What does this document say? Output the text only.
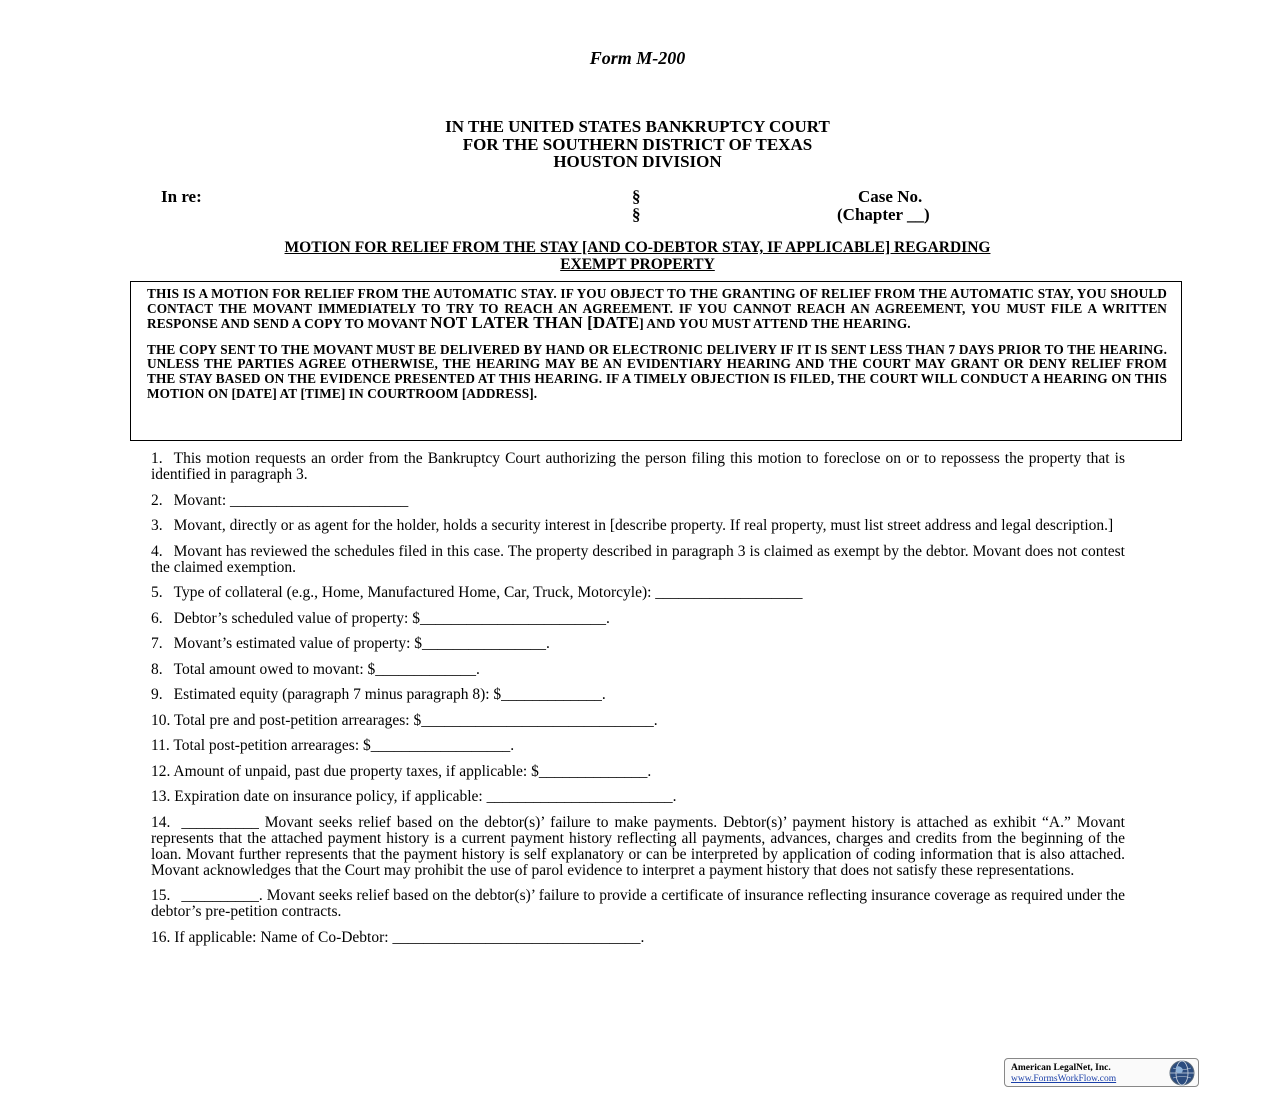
Form M-200
IN THE UNITED STATES BANKRUPTCY COURT
FOR THE SOUTHERN DISTRICT OF TEXAS
HOUSTON DIVISION
In re:	§
§
Case No.
(Chapter __)
MOTION FOR RELIEF FROM THE STAY [AND CO-DEBTOR STAY, IF APPLICABLE] REGARDING
EXEMPT PROPERTY

THIS IS A MOTION FOR RELIEF FROM THE AUTOMATIC STAY. IF YOU OBJECT TO THE GRANTING OF RELIEF FROM THE AUTOMATIC STAY, YOU SHOULD CONTACT THE MOVANT IMMEDIATELY TO TRY TO REACH AN AGREEMENT. IF YOU CANNOT REACH AN AGREEMENT, YOU MUST FILE A WRITTEN RESPONSE AND SEND A COPY TO MOVANT NOT LATER THAN [DATE] AND YOU MUST ATTEND THE HEARING.

THE COPY SENT TO THE MOVANT MUST BE DELIVERED BY HAND OR ELECTRONIC DELIVERY IF IT IS SENT LESS THAN 7 DAYS PRIOR TO THE HEARING. UNLESS THE PARTIES AGREE OTHERWISE, THE HEARING MAY BE AN EVIDENTIARY HEARING AND THE COURT MAY GRANT OR DENY RELIEF FROM THE STAY BASED ON THE EVIDENCE PRESENTED AT THIS HEARING. IF A TIMELY OBJECTION IS FILED, THE COURT WILL CONDUCT A HEARING ON THIS MOTION ON [DATE] AT [TIME] IN COURTROOM [ADDRESS].

1. This motion requests an order from the Bankruptcy Court authorizing the person filing this motion to foreclose on or to repossess the property that is identified in paragraph 3.
2. Movant: _______________________
3. Movant, directly or as agent for the holder, holds a security interest in [describe property. If real property, must list street address and legal description.]
4. Movant has reviewed the schedules filed in this case. The property described in paragraph 3 is claimed as exempt by the debtor. Movant does not contest the claimed exemption.
5. Type of collateral (e.g., Home, Manufactured Home, Car, Truck, Motorcyle): ___________________
6. Debtor’s scheduled value of property: $________________________.
7. Movant’s estimated value of property: $________________.
8. Total amount owed to movant: $_____________.
9. Estimated equity (paragraph 7 minus paragraph 8): $_____________.
10. Total pre and post-petition arrearages: $______________________________.
11. Total post-petition arrearages: $__________________.
12. Amount of unpaid, past due property taxes, if applicable: $______________.
13. Expiration date on insurance policy, if applicable: ________________________.
14. __________ Movant seeks relief based on the debtor(s)’ failure to make payments. Debtor(s)’ payment history is attached as exhibit “A.” Movant represents that the attached payment history is a current payment history reflecting all payments, advances, charges and credits from the beginning of the loan. Movant further represents that the payment history is self explanatory or can be interpreted by application of coding information that is also attached. Movant acknowledges that the Court may prohibit the use of parol evidence to interpret a payment history that does not satisfy these representations.
15. __________. Movant seeks relief based on the debtor(s)’ failure to provide a certificate of insurance reflecting insurance coverage as required under the debtor’s pre-petition contracts.
16. If applicable: Name of Co-Debtor: ________________________________.
American LegalNet, Inc.
www.FormsWorkFlow.com
